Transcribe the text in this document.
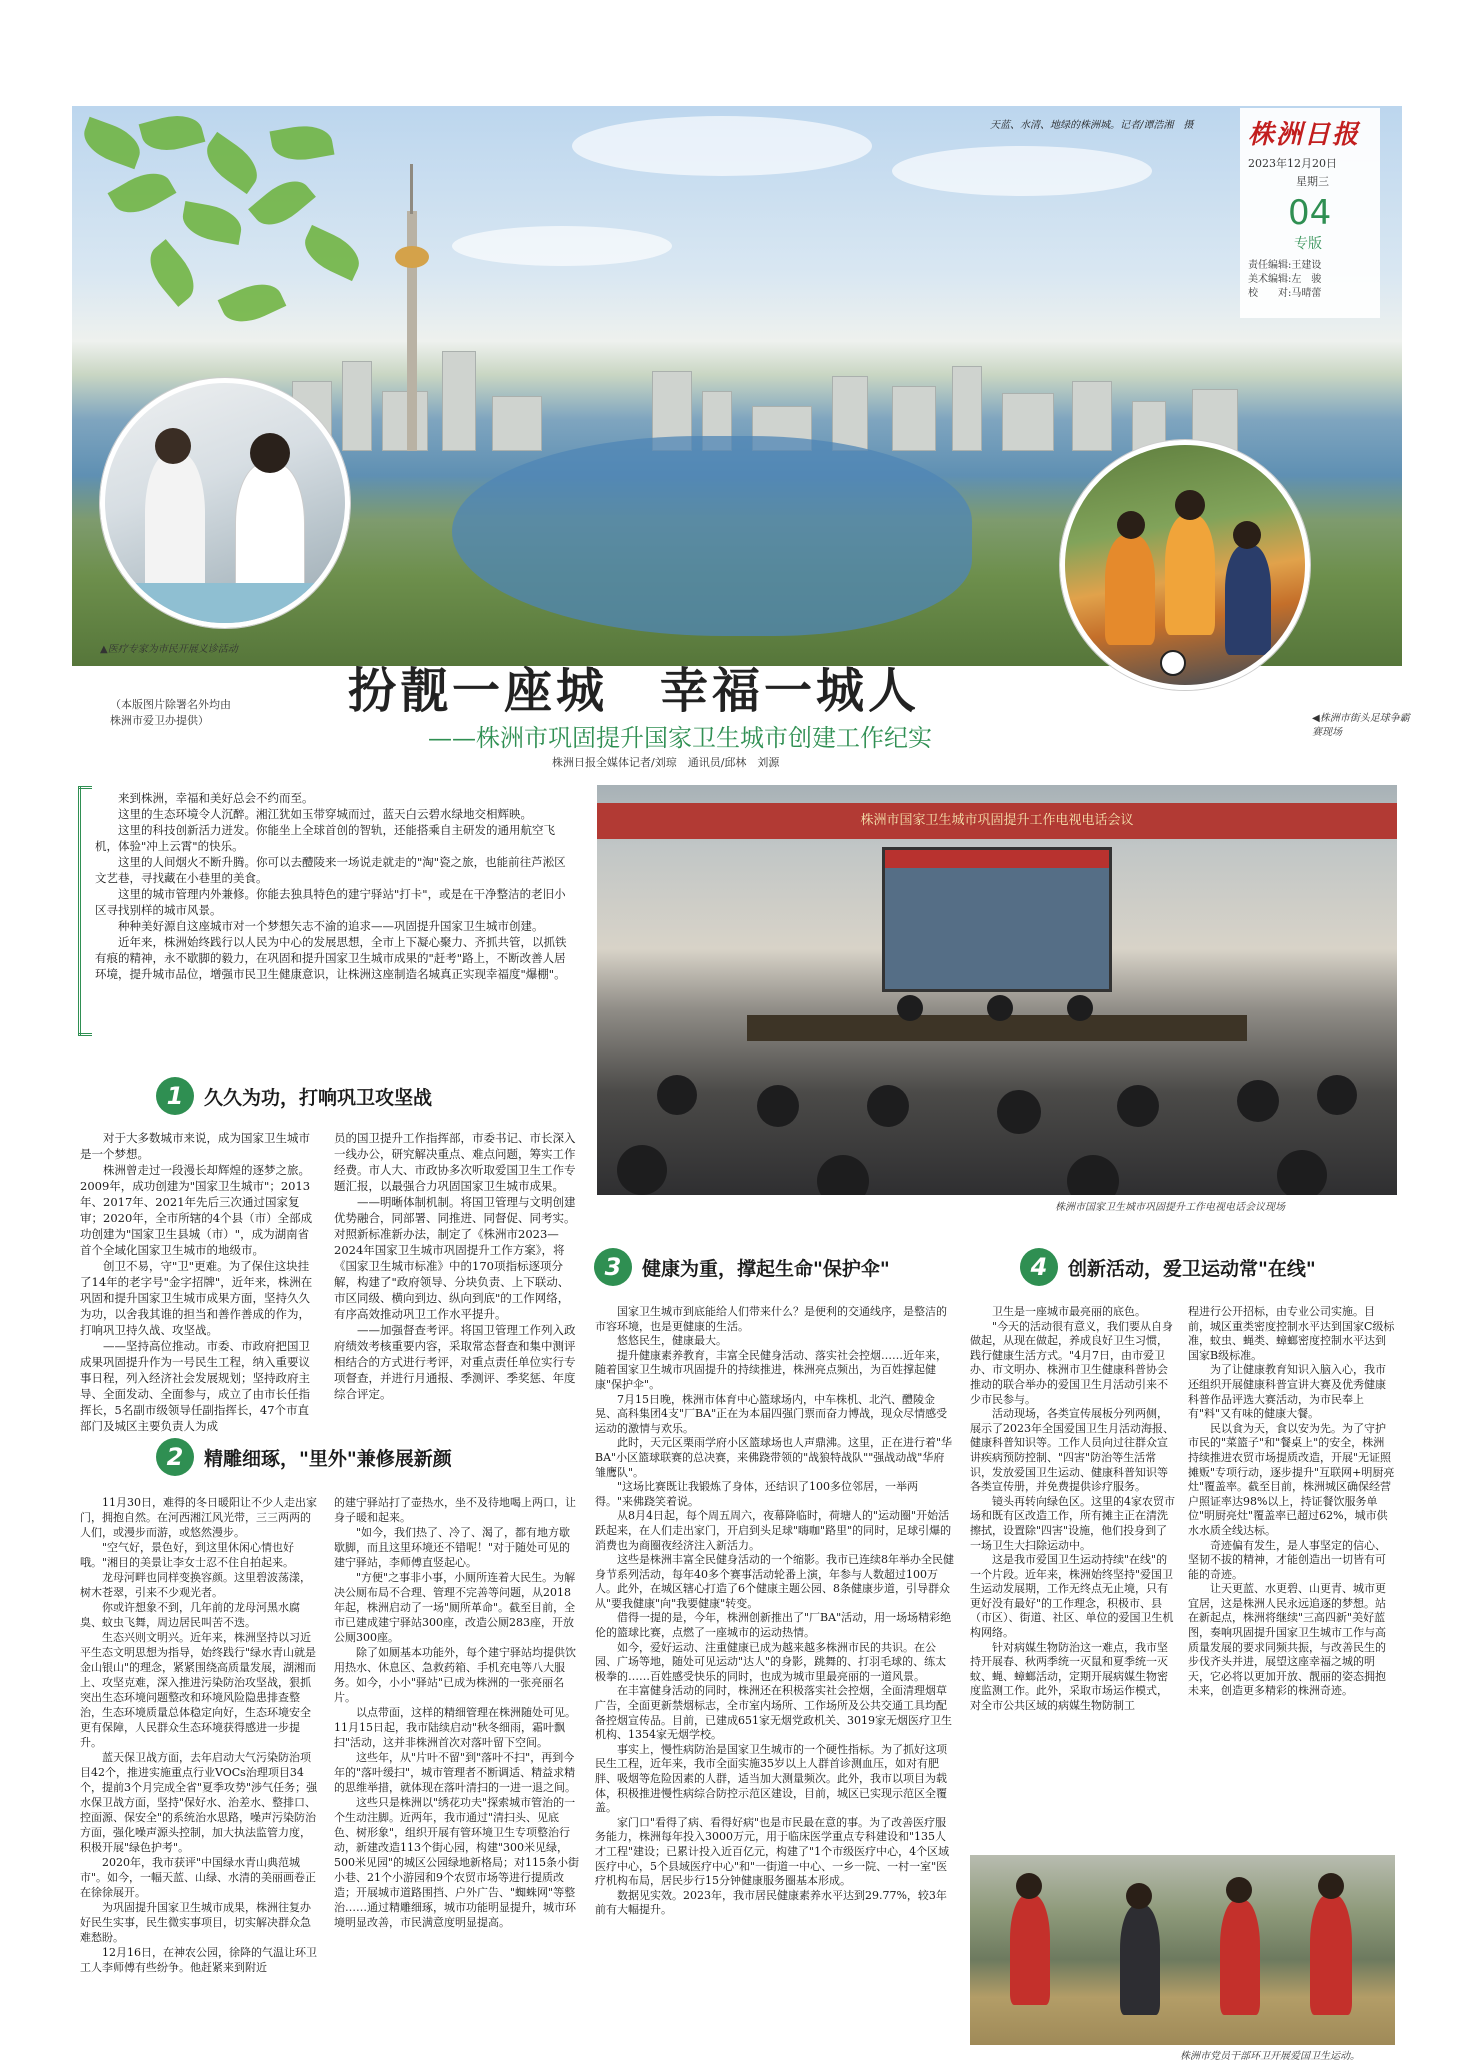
天蓝、水清、地绿的株洲城。记者/谭浩湘　摄
▲医疗专家为市民开展义诊活动
◀株洲市街头足球争霸赛现场
（本版图片除署名外均由
株洲市爱卫办提供）
株洲日报
2023年12月20日
星期三
04
专版
责任编辑:王建设
美术编辑:左　骏
校　　对:马晴蕾
扮靓一座城　幸福一城人
——株洲市巩固提升国家卫生城市创建工作纪实
株洲日报全媒体记者/刘琼　通讯员/邱林　刘源

来到株洲，幸福和美好总会不约而至。

这里的生态环境令人沉醉。湘江犹如玉带穿城而过，蓝天白云碧水绿地交相辉映。

这里的科技创新活力迸发。你能坐上全球首创的智轨，还能搭乘自主研发的通用航空飞机，体验"冲上云霄"的快乐。

这里的人间烟火不断升腾。你可以去醴陵来一场说走就走的"淘"瓷之旅，也能前往芦淞区文艺巷，寻找藏在小巷里的美食。

这里的城市管理内外兼修。你能去独具特色的建宁驿站"打卡"，或是在干净整洁的老旧小区寻找别样的城市风景。

种种美好源自这座城市对一个梦想矢志不渝的追求——巩固提升国家卫生城市创建。

近年来，株洲始终践行以人民为中心的发展思想，全市上下凝心聚力、齐抓共管，以抓铁有痕的精神，永不歇脚的毅力，在巩固和提升国家卫生城市成果的"赶考"路上，不断改善人居环境，提升城市品位，增强市民卫生健康意识，让株洲这座制造名城真正实现幸福度"爆棚"。

株洲市国家卫生城市巩固提升工作电视电话会议
株洲市国家卫生城市巩固提升工作电视电话会议现场
1	久久为功，打响巩卫攻坚战

对于大多数城市来说，成为国家卫生城市是一个梦想。

株洲曾走过一段漫长却辉煌的逐梦之旅。2009年，成功创建为"国家卫生城市"；2013年、2017年、2021年先后三次通过国家复审；2020年，全市所辖的4个县（市）全部成功创建为"国家卫生县城（市）"，成为湖南省首个全域化国家卫生城市的地级市。

创卫不易，守"卫"更难。为了保住这块挂了14年的老字号"金字招牌"，近年来，株洲在巩固和提升国家卫生城市成果方面，坚持久久为功，以舍我其谁的担当和善作善成的作为，打响巩卫持久战、攻坚战。

——坚持高位推动。市委、市政府把国卫成果巩固提升作为一号民生工程，纳入重要议事日程，列入经济社会发展规划；坚持政府主导、全面发动、全面参与，成立了由市长任指挥长，5名副市级领导任副指挥长，47个市直部门及城区主要负责人为成

员的国卫提升工作指挥部，市委书记、市长深入一线办公，研究解决重点、难点问题，筹实工作经费。市人大、市政协多次听取爱国卫生工作专题汇报，以最强合力巩固国家卫生城市成果。

——明晰体制机制。将国卫管理与文明创建优势融合，同部署、同推进、同督促、同考实。对照新标准新办法，制定了《株洲市2023—2024年国家卫生城市巩固提升工作方案》，将《国家卫生城市标准》中的170项指标逐项分解，构建了"政府领导、分块负责、上下联动、市区同级、横向到边、纵向到底"的工作网络，有序高效推动巩卫工作水平提升。

——加强督查考评。将国卫管理工作列入政府绩效考核重要内容，采取常态督查和集中测评相结合的方式进行考评，对重点责任单位实行专项督查，并进行月通报、季测评、季奖惩、年度综合评定。

2	精雕细琢，"里外"兼修展新颜

11月30日，难得的冬日暖阳让不少人走出家门，拥抱自然。在河西湘江风光带，三三两两的人们，或漫步而游，或悠然漫步。

"空气好，景色好，到这里休闲心情也好哦。"湘目的美景让李女士忍不住自拍起来。

龙母河畔也同样变换容颜。这里碧波荡漾，树木苍翠，引来不少观光者。

你或许想象不到，几年前的龙母河黑水腐臭、蚊虫飞舞，周边居民叫苦不迭。

生态兴则文明兴。近年来，株洲坚持以习近平生态文明思想为指导，始终践行"绿水青山就是金山银山"的理念，紧紧围绕高质量发展，湖湘而上、攻坚克难，深入推进污染防治攻坚战，狠抓突出生态环境问题整改和环境风险隐患排查整治，生态环境质量总体稳定向好，生态环境安全更有保障，人民群众生态环境获得感进一步提升。

蓝天保卫战方面，去年启动大气污染防治项目42个，推进实施重点行业VOCs治理项目34个，提前3个月完成全省"夏季攻势"涉气任务；强水保卫战方面，坚持"保好水、治差水、整排口、控面源、保安全"的系统治水思路，噪声污染防治方面，强化噪声源头控制，加大执法监管力度，积极开展"绿色护考"。

2020年，我市获评"中国绿水青山典范城市"。如今，一幅天蓝、山绿、水清的美丽画卷正在徐徐展开。

为巩固提升国家卫生城市成果，株洲往复办好民生实事，民生微实事项目，切实解决群众急难愁盼。

12月16日，在神农公园，徐降的气温让环卫工人李师傅有些纷争。他赶紧来到附近

的建宁驿站打了壶热水，坐不及待地喝上两口，让身子暖和起来。

"如今，我们热了、冷了、渴了，都有地方歇歇脚，而且这里环境还不错呢！"对于随处可见的建宁驿站，李师傅直竖起心。

"方便"之事非小事，小厕所连着大民生。为解决公厕布局不合理、管理不完善等问题，从2018年起，株洲启动了一场"厕所革命"。截至目前，全市已建成建宁驿站300座，改造公厕283座，开放公厕300座。

除了如厕基本功能外，每个建宁驿站均提供饮用热水、休息区、急救药箱、手机充电等八大服务。如今，小小"驿站"已成为株洲的一张亮丽名片。

以点带面，这样的精细管理在株洲随处可见。11月15日起，我市陆续启动"秋冬细雨，霜叶飘扫"活动，这并非株洲首次对落叶留下空间。

这些年，从"片叶不留"到"落叶不扫"，再到今年的"落叶缓扫"，城市管理者不断调适、精益求精的思维举措，就体现在落叶清扫的一进一退之间。

这些只是株洲以"绣花功夫"探索城市管治的一个生动注脚。近两年，我市通过"清扫头、见底色、树形象"，组织开展有管环境卫生专项整治行动，新建改造113个街心园，构建"300米见绿，500米见园"的城区公园绿地新格局；对115条小街小巷、21个小游园和9个农贸市场等进行提质改造；开展城市道路围挡、户外广告、"蜘蛛网"等整治……通过精雕细琢，城市功能明显提升，城市环境明显改善，市民满意度明显提高。

3	健康为重，撑起生命"保护伞"

国家卫生城市到底能给人们带来什么？是便利的交通线序，是整洁的市容环境，也是更健康的生活。

悠悠民生，健康最大。

提升健康素养教育，丰富全民健身活动、落实社会控烟……近年来，随着国家卫生城市巩固提升的持续推进，株洲亮点频出，为百姓撑起健康"保护伞"。

7月15日晚，株洲市体育中心篮球场内，中车株机、北汽、醴陵金晃、高科集团4支"厂BA"正在为本届四强门票而奋力博战，现众尽情感受运动的激情与欢乐。

此时，天元区栗雨学府小区篮球场也人声鼎沸。这里，正在进行着"华BA"小区篮球联赛的总决赛，来佛跷带领的"战狼特战队""强战动战"华府雏鹰队"。

"这场比赛既让我锻炼了身体，还结识了100多位邻居，一举两得。"来佛跷笑着说。

从8月4日起，每个周五周六，夜幕降临时，荷塘人的"运动圈"开始活跃起来，在人们走出家门，开启到头足球"嗨咖"路里"的同时，足球引爆的消费也为商圈夜经济注入新活力。

这些是株洲丰富全民健身活动的一个缩影。我市已连续8年举办全民健身节系列活动，每年40多个赛事活动轮番上演，年参与人数超过100万人。此外，在城区辖心打造了6个健康主题公园、8条健康步道，引导群众从"要我健康"向"我要健康"转变。

借得一提的是，今年，株洲创新推出了"厂BA"活动，用一场场精彩绝伦的篮球比赛，点燃了一座城市的运动热情。

如今，爱好运动、注重健康已成为越来越多株洲市民的共识。在公园、广场等地，随处可见运动"达人"的身影，跳舞的、打羽毛球的、练太极拳的……百姓感受快乐的同时，也成为城市里最亮丽的一道风景。

在丰富健身活动的同时，株洲还在积极落实社会控烟，全面清理烟草广告，全面更新禁烟标志，全市室内场所、工作场所及公共交通工具均配备控烟宣传品。目前，已建成651家无烟党政机关、3019家无烟医疗卫生机构、1354家无烟学校。

事实上，慢性病防治是国家卫生城市的一个硬性指标。为了抓好这项民生工程，近年来，我市全面实施35岁以上人群首诊测血压，如对有肥胖、吸烟等危险因素的人群，适当加大测量频次。此外，我市以项目为载体，积极推进慢性病综合防控示范区建设，目前，城区已实现示范区全覆盖。

家门口"看得了病、看得好病"也是市民最在意的事。为了改善医疗服务能力，株洲每年投入3000万元，用于临床医学重点专科建设和"135人才工程"建设；已累计投入近百亿元，构建了"1个市级医疗中心，4个区域医疗中心，5个县域医疗中心"和"一街道一中心、一乡一院、一村一室"医疗机构布局，居民步行15分钟健康服务圈基本形成。

数据见实效。2023年，我市居民健康素养水平达到29.77%，较3年前有大幅提升。

4	创新活动，爱卫运动常"在线"

卫生是一座城市最亮丽的底色。

"今天的活动很有意义，我们要从自身做起，从现在做起，养成良好卫生习惯，践行健康生活方式。"4月7日，由市爱卫办、市文明办、株洲市卫生健康科普协会推动的联合举办的爱国卫生月活动引来不少市民参与。

活动现场，各类宣传展板分列两侧，展示了2023年全国爱国卫生月活动海报、健康科普知识等。工作人员向过往群众宣讲疾病预防控制、"四害"防治等生活常识，发放爱国卫生运动、健康科普知识等各类宣传册，并免费提供诊疗服务。

镜头再转向绿色区。这里的4家农贸市场和既有区改造工作，所有摊主正在清洗擦拭，设置除"四害"设施，他们投身到了一场卫生大扫除运动中。

这是我市爱国卫生运动持续"在线"的一个片段。近年来，株洲始终坚持"爱国卫生运动发展期，工作无终点无止境，只有更好没有最好"的工作理念，积极市、县（市区）、街道、社区、单位的爱国卫生机构网络。

针对病媒生物防治这一难点，我市坚持开展春、秋两季统一灭鼠和夏季统一灭蚊、蝇、蟑螂活动，定期开展病媒生物密度监测工作。此外，采取市场运作模式，对全市公共区域的病媒生物防制工

程进行公开招标，由专业公司实施。目前，城区重类密度控制水平达到国家C级标准，蚊虫、蝇类、蟑螂密度控制水平达到国家B级标准。

为了让健康教育知识入脑入心，我市还组织开展健康科普宣讲大赛及优秀健康科普作品评选大赛活动，为市民奉上有"料"又有味的健康大餐。

民以食为天，食以安为先。为了守护市民的"菜篮子"和"餐桌上"的安全，株洲持续推进农贸市场提质改造，开展"无证照摊贩"专项行动，逐步提升"互联网+明厨亮灶"覆盖率。截至目前，株洲城区确保经营户照证率达98%以上，持证餐饮服务单位"明厨亮灶"覆盖率已超过62%，城市供水水质全线达标。

奇迹偏有发生，是人事坚定的信心、坚韧不拔的精神，才能创造出一切皆有可能的奇迹。

让天更蓝、水更碧、山更青、城市更宜居，这是株洲人民永远追逐的梦想。站在新起点，株洲将继续"三高四新"美好蓝图，奏响巩固提升国家卫生城市工作与高质量发展的要求同频共振，与改善民生的步伐齐头并进，展望这座幸福之城的明天，它必将以更加开放、靓丽的姿态拥抱未来，创造更多精彩的株洲奇迹。

株洲市党员干部环卫开展爱国卫生运动。
